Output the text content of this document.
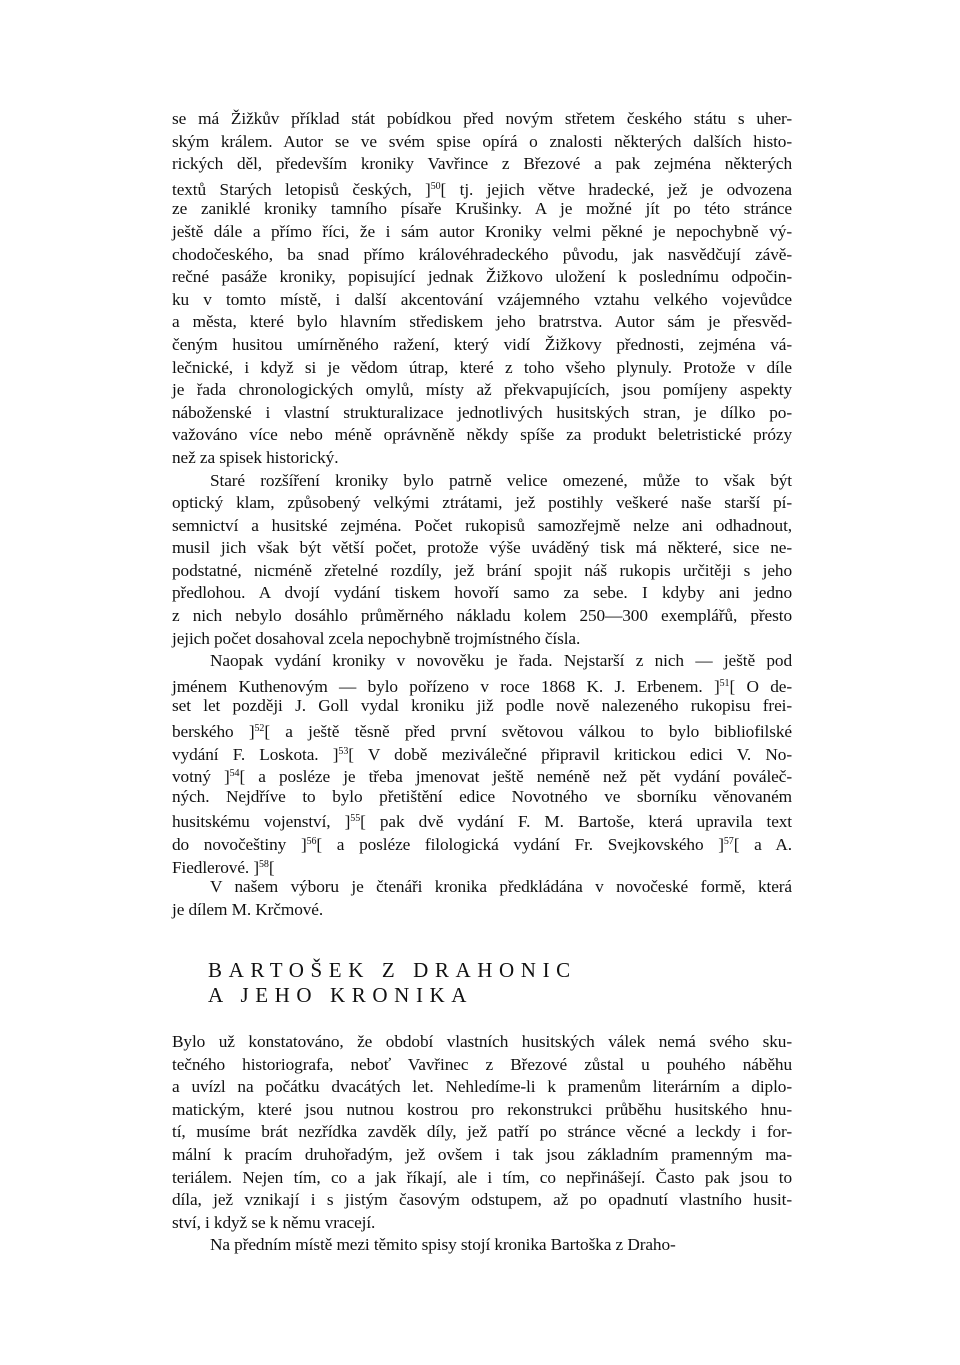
se má Žižkův příklad stát pobídkou před novým střetem českého státu s uher-
ským králem. Autor se ve svém spise opírá o znalosti některých dalších histo-
rických děl, především kroniky Vavřince z Březové a pak zejména některých
textů Starých letopisů českých, ]50[ tj. jejich větve hradecké, jež je odvozena
ze zaniklé kroniky tamního písaře Krušinky. A je možné jít po této stránce
ještě dále a přímo říci, že i sám autor Kroniky velmi pěkné je nepochybně vý-
chodočeského, ba snad přímo královéhradeckého původu, jak nasvědčují závě-
rečné pasáže kroniky, popisující jednak Žižkovo uložení k poslednímu odpočin-
ku v tomto místě, i další akcentování vzájemného vztahu velkého vojevůdce
a města, které bylo hlavním střediskem jeho bratrstva. Autor sám je přesvěd-
čeným husitou umírněného ražení, který vidí Žižkovy přednosti, zejména vá-
lečnické, i když si je vědom útrap, které z toho všeho plynuly. Protože v díle
je řada chronologických omylů, místy až překvapujících, jsou pomíjeny aspekty
náboženské i vlastní strukturalizace jednotlivých husitských stran, je dílko po-
važováno více nebo méně oprávněně někdy spíše za produkt beletristické prózy
než za spisek historický.
Staré rozšíření kroniky bylo patrně velice omezené, může to však být
optický klam, způsobený velkými ztrátami, jež postihly veškeré naše starší pí-
semnictví a husitské zejména. Počet rukopisů samozřejmě nelze ani odhadnout,
musil jich však být větší počet, protože výše uváděný tisk má některé, sice ne-
podstatné, nicméně zřetelné rozdíly, jež brání spojit náš rukopis určitěji s jeho
předlohou. A dvojí vydání tiskem hovoří samo za sebe. I kdyby ani jedno
z nich nebylo dosáhlo průměrného nákladu kolem 250—300 exemplářů, přesto
jejich počet dosahoval zcela nepochybně trojmístného čísla.
Naopak vydání kroniky v novověku je řada. Nejstarší z nich — ještě pod
jménem Kuthenovým — bylo pořízeno v roce 1868 K. J. Erbenem. ]51[ O de-
set let později J. Goll vydal kroniku již podle nově nalezeného rukopisu frei-
berského ]52[ a ještě těsně před první světovou válkou to bylo bibliofilské
vydání F. Loskota. ]53[ V době meziválečné připravil kritickou edici V. No-
votný ]54[ a posléze je třeba jmenovat ještě neméně než pět vydání pováleč-
ných. Nejdříve to bylo přetištění edice Novotného ve sborníku věnovaném
husitskému vojenství, ]55[ pak dvě vydání F. M. Bartoše, která upravila text
do novočeštiny ]56[ a posléze filologická vydání Fr. Svejkovského ]57[ a A.
Fiedlerové. ]58[
V našem výboru je čtenáři kronika předkládána v novočeské formě, která
je dílem M. Krčmové.
BARTOŠEK Z DRAHONIC
A JEHO KRONIKA
Bylo už konstatováno, že období vlastních husitských válek nemá svého sku-
tečného historiografa, neboť Vavřinec z Březové zůstal u pouhého náběhu
a uvízl na počátku dvacátých let. Nehledíme-li k pramenům literárním a diplo-
matickým, které jsou nutnou kostrou pro rekonstrukci průběhu husitského hnu-
tí, musíme brát nezřídka zavděk díly, jež patří po stránce věcné a leckdy i for-
mální k pracím druhořadým, jež ovšem i tak jsou základním pramenným ma-
teriálem. Nejen tím, co a jak říkají, ale i tím, co nepřinášejí. Často pak jsou to
díla, jež vznikají i s jistým časovým odstupem, až po opadnutí vlastního husit-
ství, i když se k němu vracejí.
Na předním místě mezi těmito spisy stojí kronika Bartoška z Draho-
